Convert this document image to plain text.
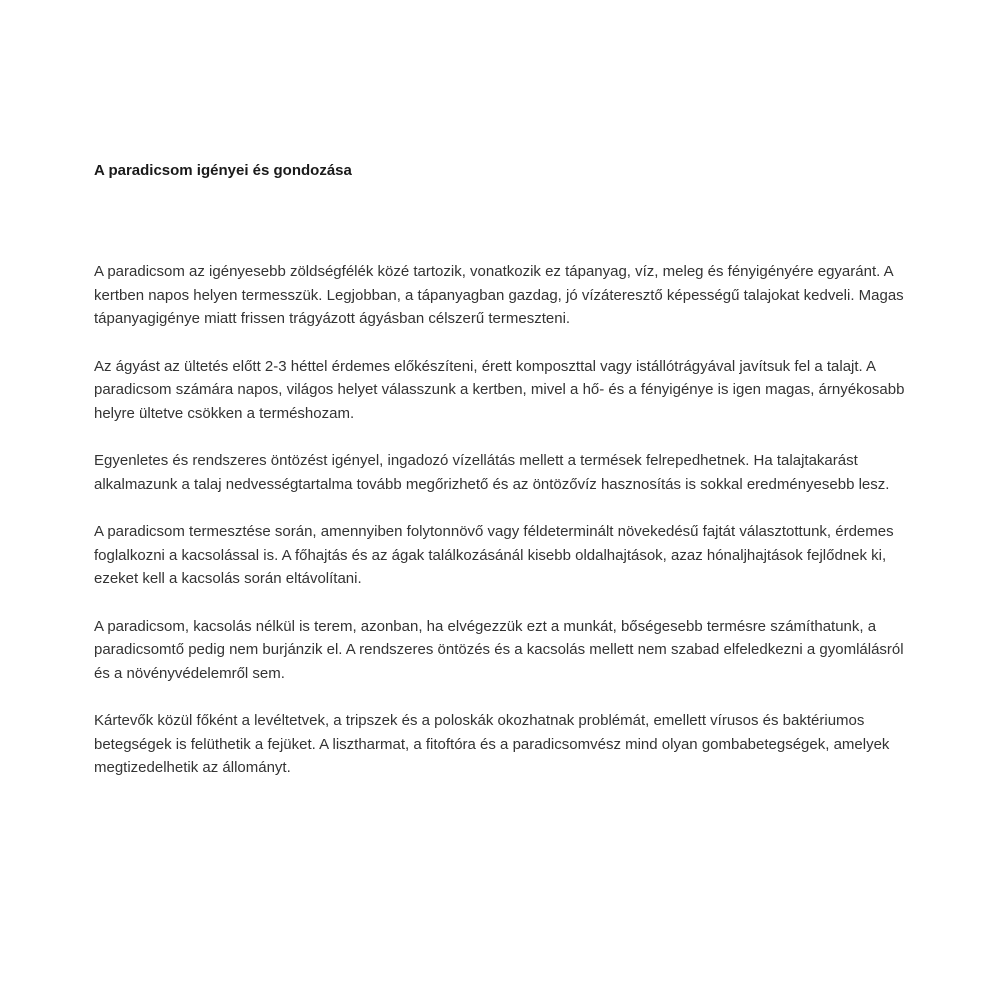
A paradicsom igényei és gondozása

A paradicsom az igényesebb zöldségfélék közé tartozik, vonatkozik ez tápanyag, víz, meleg és fényigényére egyaránt. A kertben napos helyen termesszük. Legjobban, a tápanyagban gazdag, jó vízáteresztő képességű talajokat kedveli. Magas tápanyagigénye miatt frissen trágyázott ágyásban célszerű termeszteni.

Az ágyást az ültetés előtt 2-3 héttel érdemes előkészíteni, érett komposzttal vagy istállótrágyával javítsuk fel a talajt. A paradicsom számára napos, világos helyet válasszunk a kertben, mivel a hő- és a fényigénye is igen magas, árnyékosabb helyre ültetve csökken a terméshozam.

Egyenletes és rendszeres öntözést igényel, ingadozó vízellátás mellett a termések felrepedhetnek. Ha talajtakarást alkalmazunk a talaj nedvességtartalma tovább megőrizhető és az öntözővíz hasznosítás is sokkal eredményesebb lesz.

A paradicsom termesztése során, amennyiben folytonnövő vagy féldeterminált növekedésű fajtát választottunk, érdemes foglalkozni a kacsolással is. A főhajtás és az ágak találkozásánál kisebb oldalhajtások, azaz hónaljhajtások fejlődnek ki, ezeket kell a kacsolás során eltávolítani.

A paradicsom, kacsolás nélkül is terem, azonban, ha elvégezzük ezt a munkát, bőségesebb termésre számíthatunk, a paradicsomtő pedig nem burjánzik el. A rendszeres öntözés és a kacsolás mellett nem szabad elfeledkezni a gyomlálásról és a növényvédelemről sem.

Kártevők közül főként a levéltetvek, a tripszek és a poloskák okozhatnak problémát, emellett vírusos és baktériumos betegségek is felüthetik a fejüket. A lisztharmat, a fitoftóra és a paradicsomvész mind olyan gombabetegségek, amelyek megtizedelhetik az állományt.
